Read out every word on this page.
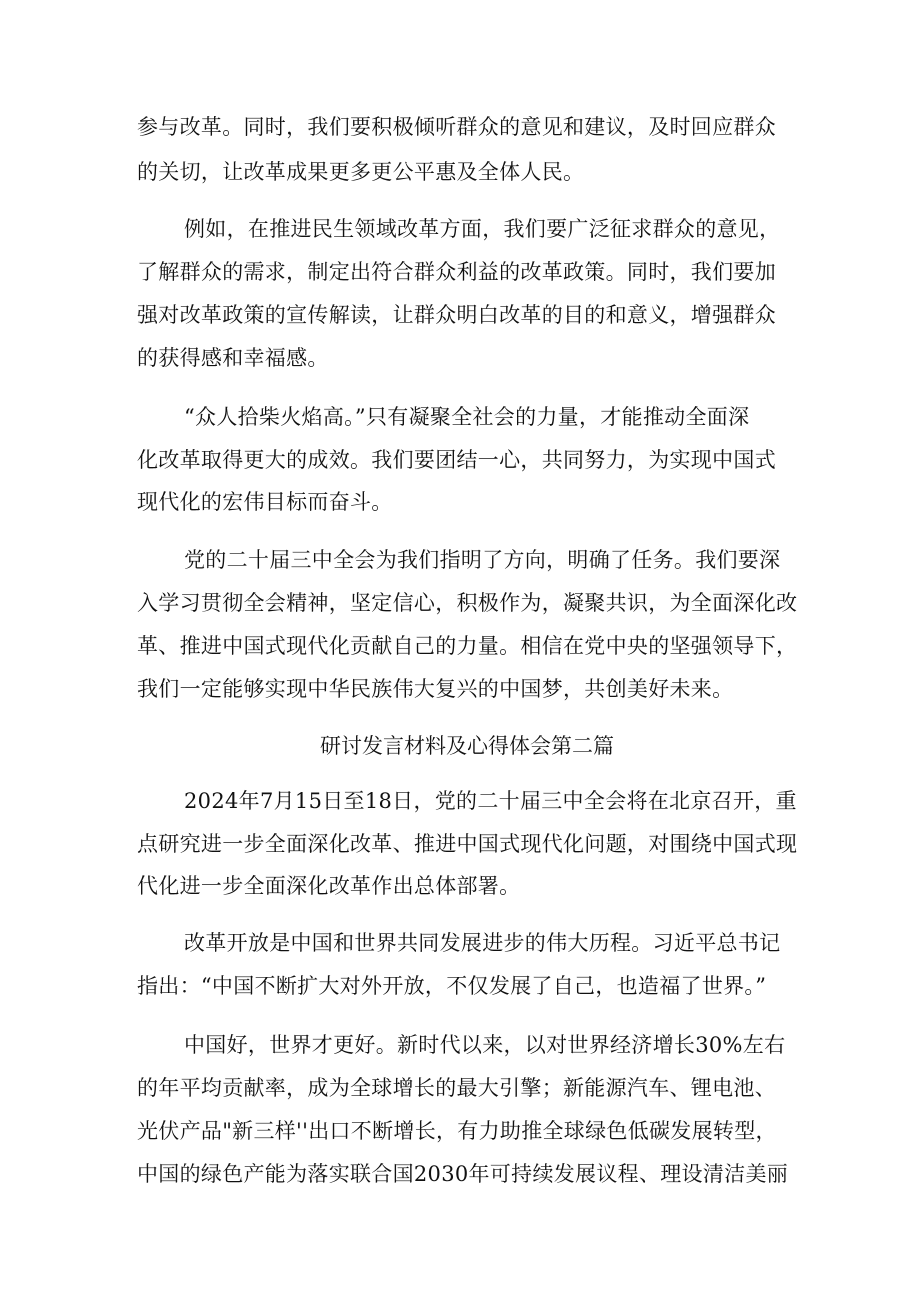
参与改革。同时，我们要积极倾听群众的意见和建议，及时回应群众
的关切，让改革成果更多更公平惠及全体人民。
例如，在推进民生领域改革方面，我们要广泛征求群众的意见，
了解群众的需求，制定出符合群众利益的改革政策。同时，我们要加
强对改革政策的宣传解读，让群众明白改革的目的和意义，增强群众
的获得感和幸福感。
“众人拾柴火焰高。”只有凝聚全社会的力量，才能推动全面深
化改革取得更大的成效。我们要团结一心，共同努力，为实现中国式
现代化的宏伟目标而奋斗。
党的二十届三中全会为我们指明了方向，明确了任务。我们要深
入学习贯彻全会精神，坚定信心，积极作为，凝聚共识，为全面深化改
革、推进中国式现代化贡献自己的力量。相信在党中央的坚强领导下，
我们一定能够实现中华民族伟大复兴的中国梦，共创美好未来。
研讨发言材料及心得体会第二篇
2024年7月15日至18日，党的二十届三中全会将在北京召开，重
点研究进一步全面深化改革、推进中国式现代化问题，对围绕中国式现
代化进一步全面深化改革作出总体部署。
改革开放是中国和世界共同发展进步的伟大历程。习近平总书记
指出：“中国不断扩大对外开放，不仅发展了自己，也造福了世界。”
中国好，世界才更好。新时代以来，以对世界经济增长30%左右
的年平均贡献率，成为全球增长的最大引擎；新能源汽车、锂电池、
光伏产品"新三样''出口不断增长，有力助推全球绿色低碳发展转型，
中国的绿色产能为落实联合国2030年可持续发展议程、理设清洁美丽
